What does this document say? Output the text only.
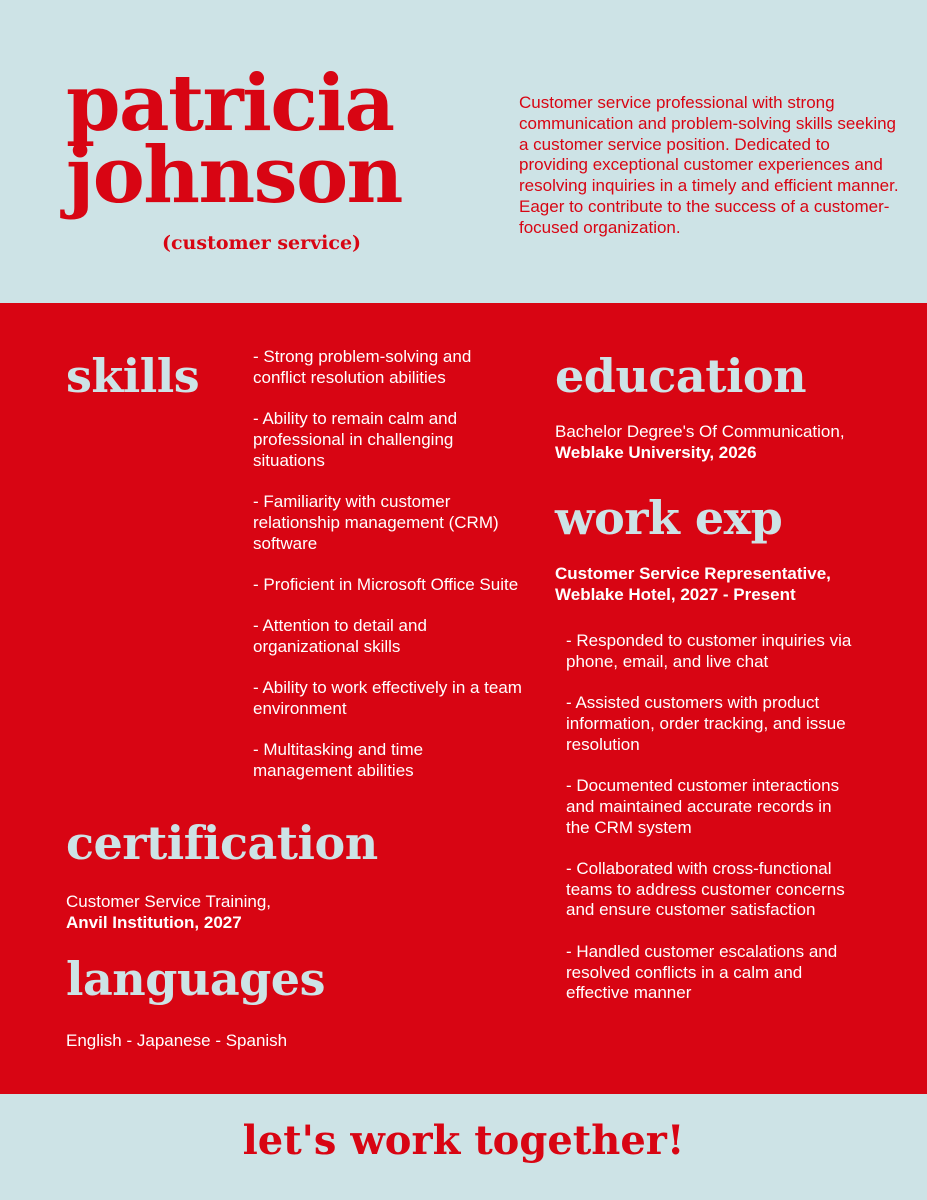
patricia
johnson
(customer service)

Customer service professional with strong communication and problem-solving skills seeking a customer service position. Dedicated to providing exceptional customer experiences and resolving inquiries in a timely and efficient manner. Eager to contribute to the success of a customer-focused organization.

skills	- Strong problem-solving and conflict resolution abilities
- Ability to remain calm and professional in challenging situations
- Familiarity with customer relationship management (CRM) software
- Proficient in Microsoft Office Suite
- Attention to detail and organizational skills
- Ability to work effectively in a team environment
- Multitasking and time management abilities
certification

Customer Service Training,
Anvil Institution, 2027

languages

English - Japanese - Spanish

education

Bachelor Degree's Of Communication,
Weblake University, 2026

work exp

Customer Service Representative,
Weblake Hotel, 2027 - Present

- Responded to customer inquiries via phone, email, and live chat
- Assisted customers with product information, order tracking, and issue resolution
- Documented customer interactions and maintained accurate records in the CRM system
- Collaborated with cross-functional teams to address customer concerns and ensure customer satisfaction
- Handled customer escalations and resolved conflicts in a calm and effective manner
let's work together!
